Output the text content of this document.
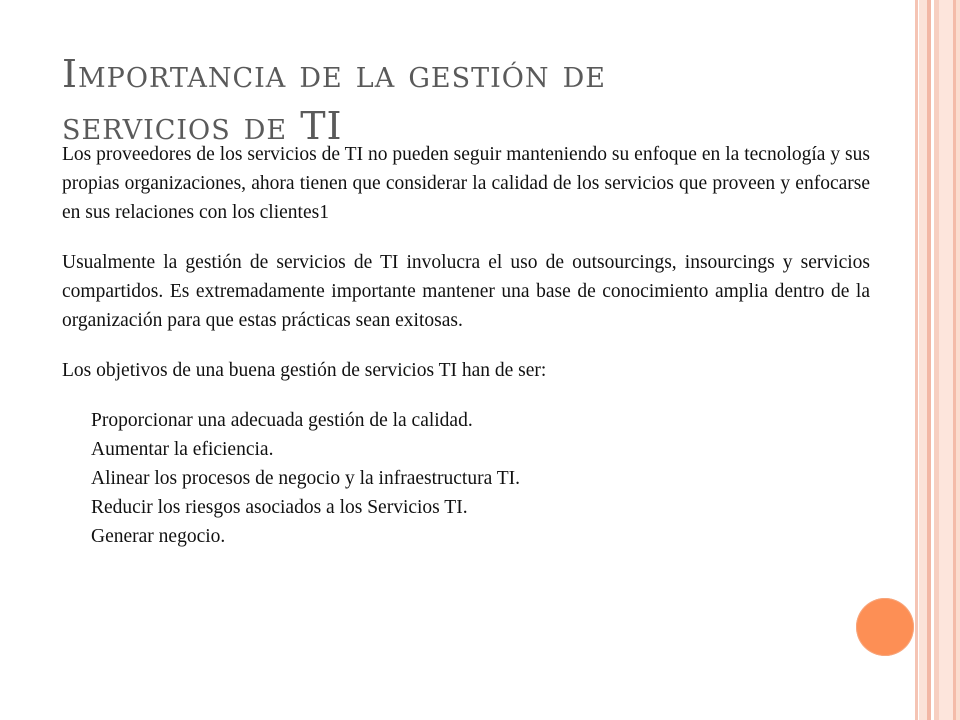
Importancia de la gestión de servicios de TI

Los proveedores de los servicios de TI no pueden seguir manteniendo su enfoque en la tecnología y sus propias organizaciones, ahora tienen que considerar la calidad de los servicios que proveen y enfocarse en sus relaciones con los clientes1

Usualmente la gestión de servicios de TI involucra el uso de outsourcings, insourcings y servicios compartidos. Es extremadamente importante mantener una base de conocimiento amplia dentro de la organización para que estas prácticas sean exitosas.

Los objetivos de una buena gestión de servicios TI han de ser:

Proporcionar una adecuada gestión de la calidad.
Aumentar la eficiencia.
Alinear los procesos de negocio y la infraestructura TI.
Reducir los riesgos asociados a los Servicios TI.
Generar negocio.
